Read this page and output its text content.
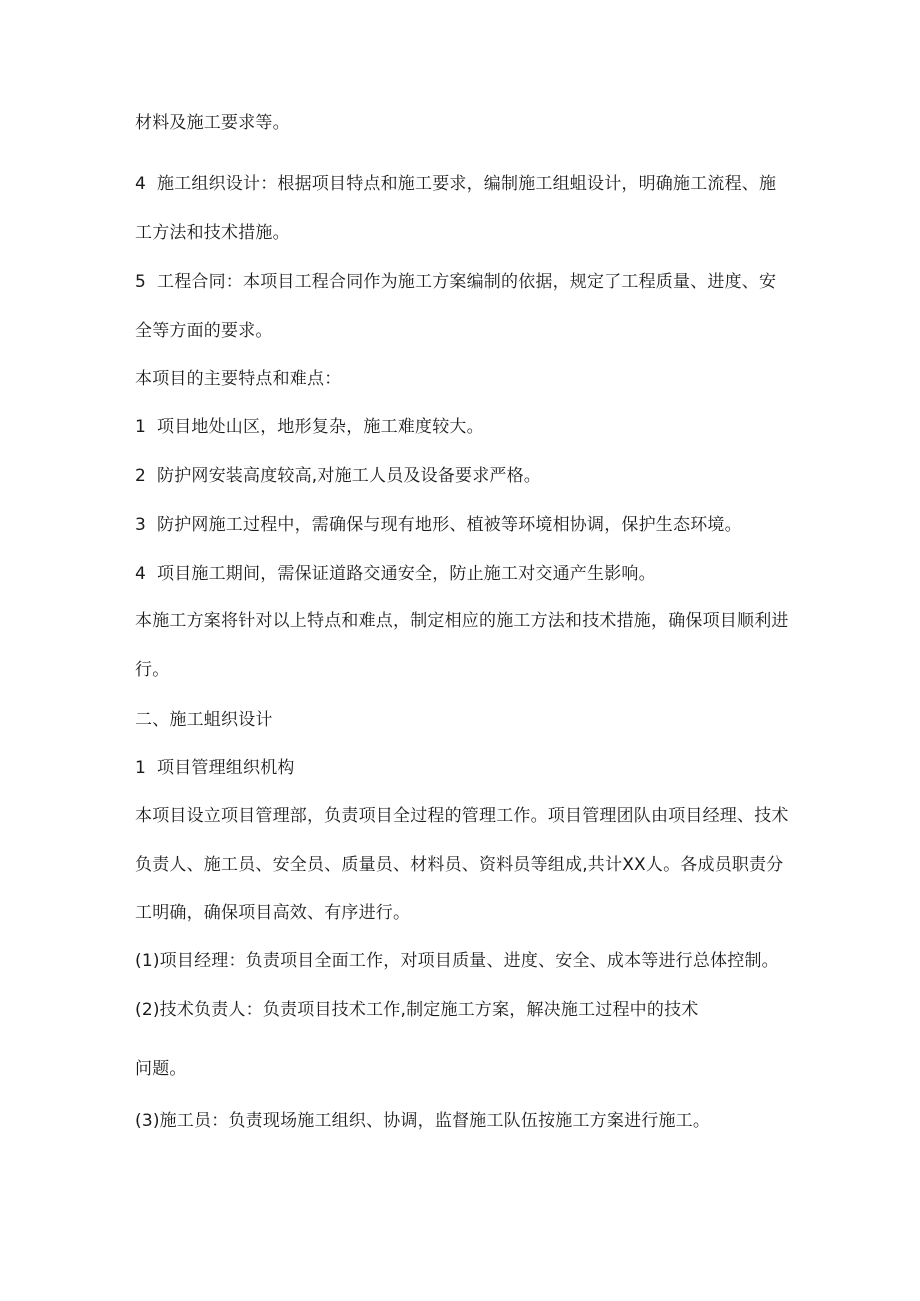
材料及施工要求等。
4 施工组织设计：根据项目特点和施工要求，编制施工组蛆设计，明确施工流程、施
工方法和技术措施。
5 工程合同：本项目工程合同作为施工方案编制的依据，规定了工程质量、进度、安
全等方面的要求。
本项目的主要特点和难点：
1 项目地处山区，地形复杂，施工难度较大。
2 防护网安装高度较高,对施工人员及设备要求严格。
3 防护网施工过程中，需确保与现有地形、植被等环境相协调，保护生态环境。
4 项目施工期间，需保证道路交通安全，防止施工对交通产生影响。
本施工方案将针对以上特点和难点，制定相应的施工方法和技术措施，确保项目顺利进
行。
二、施工蛆织设计
1 项目管理组织机构
本项目设立项目管理部，负责项目全过程的管理工作。项目管理团队由项目经理、技术
负责人、施工员、安全员、质量员、材料员、资料员等组成,共计XX人。各成员职责分
工明确，确保项目高效、有序进行。
(1)项目经理：负责项目全面工作，对项目质量、进度、安全、成本等进行总体控制。
(2)技术负责人：负责项目技术工作,制定施工方案，解决施工过程中的技术
问题。
(3)施工员：负责现场施工组织、协调，监督施工队伍按施工方案进行施工。
